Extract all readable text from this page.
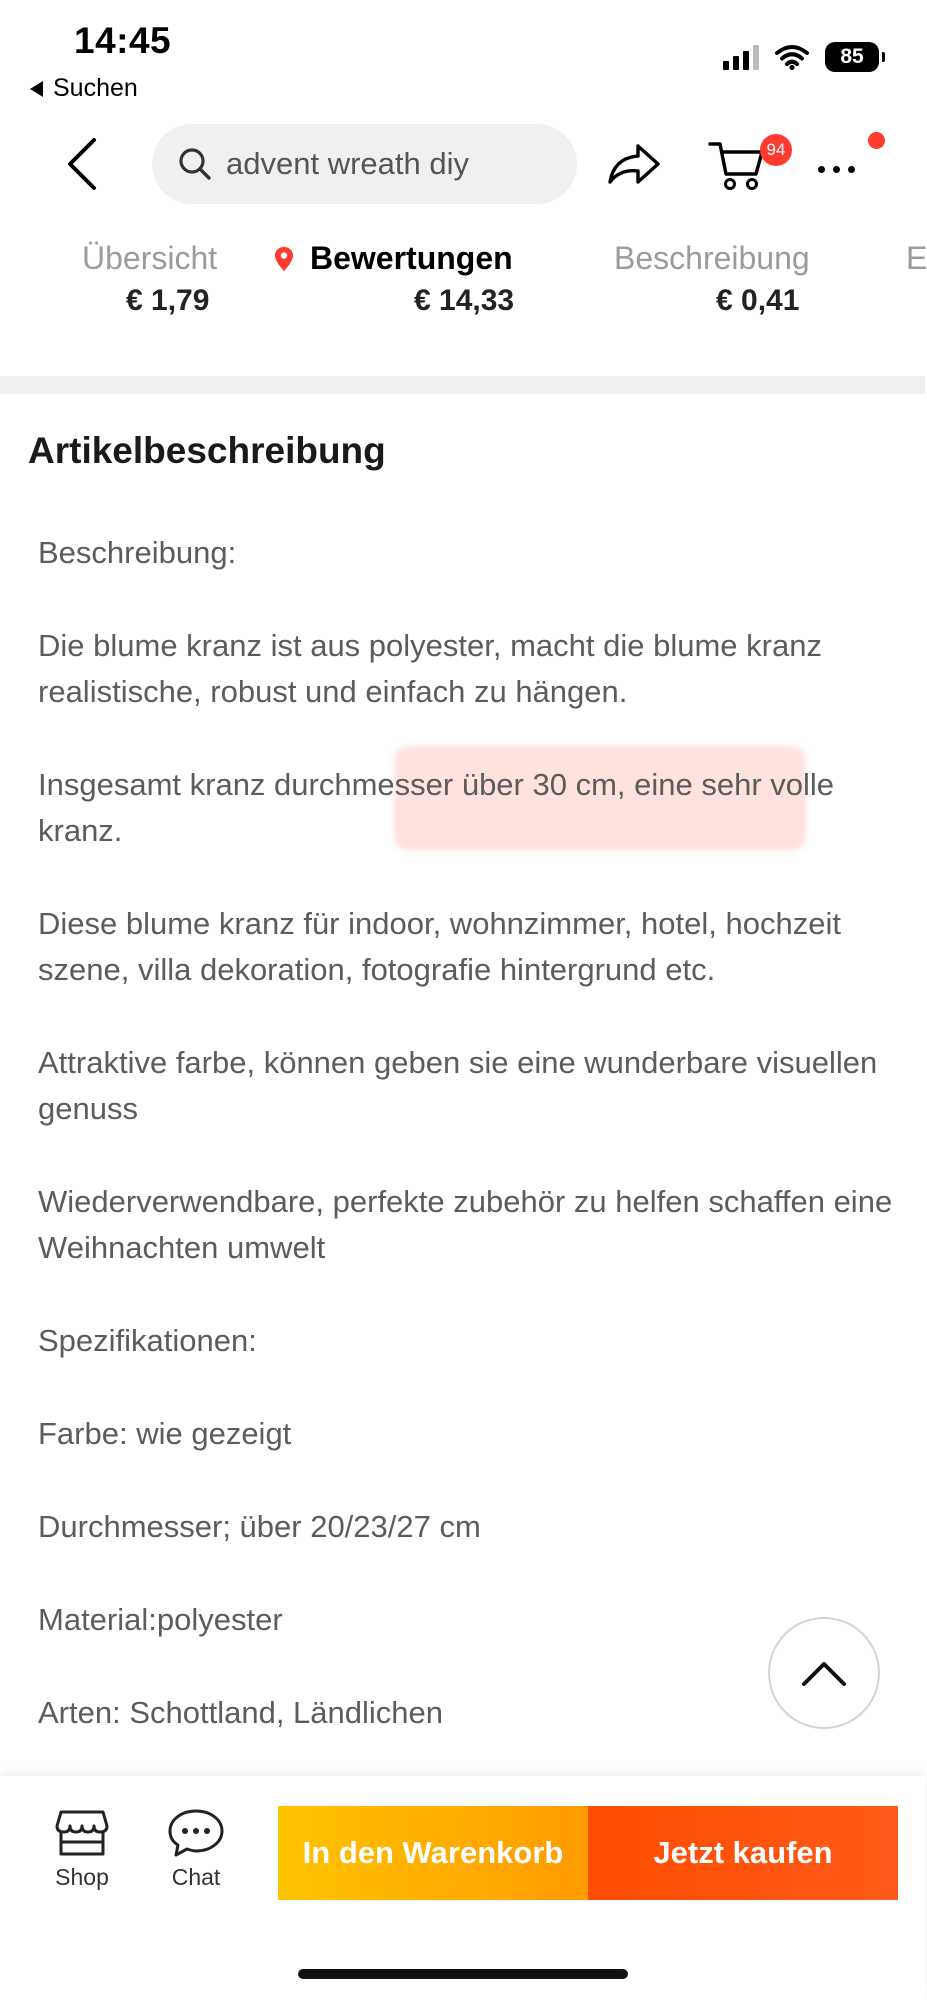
14:45
Suchen
85
advent wreath diy	94
Übersicht	Bewertungen	Beschreibung	E
€ 1,79	€ 14,33	€ 0,41
Artikelbeschreibung

Beschreibung:

Die blume kranz ist aus polyester, macht die blume kranz realistische, robust und einfach zu hängen.

Insgesamt kranz durchmesser über 30 cm, eine sehr volle kranz.

Diese blume kranz für indoor, wohnzimmer, hotel, hochzeit szene, villa dekoration, fotografie hintergrund etc.

Attraktive farbe, können geben sie eine wunderbare visuellen genuss

Wiederverwendbare, perfekte zubehör zu helfen schaffen eine Weihnachten umwelt

Spezifikationen:

Farbe: wie gezeigt

Durchmesser; über 20/23/27 cm

Material:polyester

Arten: Schottland, Ländlichen

Shop	Chat
In den Warenkorb	Jetzt kaufen
